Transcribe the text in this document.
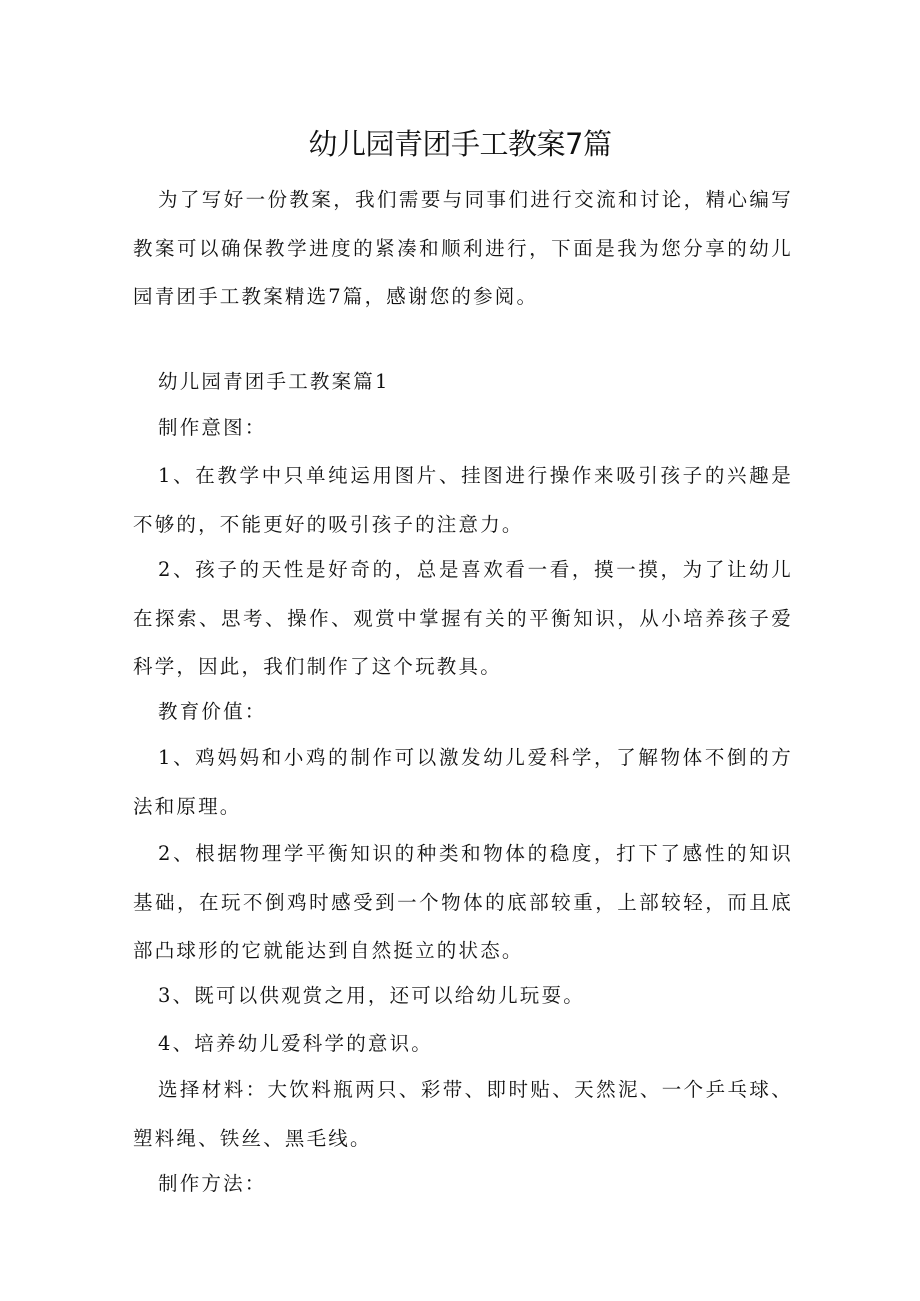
幼儿园青团手工教案7篇

为了写好一份教案，我们需要与同事们进行交流和讨论，精心编写教案可以确保教学进度的紧凑和顺利进行，下面是我为您分享的幼儿园青团手工教案精选7篇，感谢您的参阅。

幼儿园青团手工教案篇1

制作意图：

1、在教学中只单纯运用图片、挂图进行操作来吸引孩子的兴趣是不够的，不能更好的吸引孩子的注意力。

2、孩子的天性是好奇的，总是喜欢看一看，摸一摸，为了让幼儿在探索、思考、操作、观赏中掌握有关的平衡知识，从小培养孩子爱科学，因此，我们制作了这个玩教具。

教育价值：

1、鸡妈妈和小鸡的制作可以激发幼儿爱科学，了解物体不倒的方法和原理。

2、根据物理学平衡知识的种类和物体的稳度，打下了感性的知识基础，在玩不倒鸡时感受到一个物体的底部较重，上部较轻，而且底部凸球形的它就能达到自然挺立的状态。

3、既可以供观赏之用，还可以给幼儿玩耍。

4、培养幼儿爱科学的意识。

选择材料：大饮料瓶两只、彩带、即时贴、天然泥、一个乒乓球、塑料绳、铁丝、黑毛线。

制作方法：
